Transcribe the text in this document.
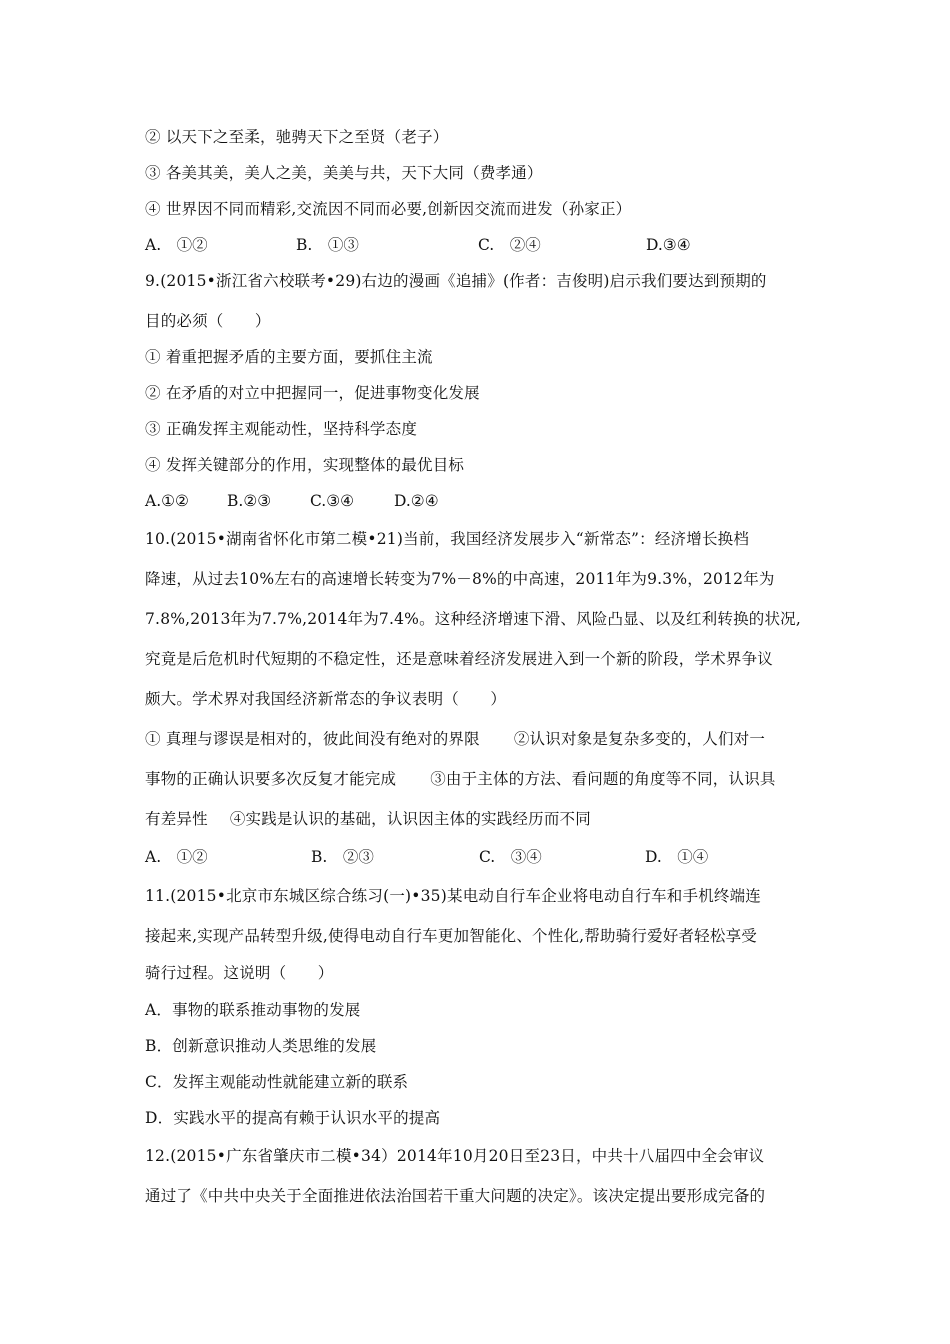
② 以天下之至柔，驰骋天下之至贤（老子）
③ 各美其美，美人之美，美美与共，天下大同（费孝通）
④ 世界因不同而精彩,交流因不同而必要,创新因交流而进发（孙家正）
A.　①②	B.　①③	C.　②④	D.③④
9.(2015•浙江省六校联考•29)右边的漫画《追捕》(作者：吉俊明)启示我们要达到预期的
目的必须（　　）
① 着重把握矛盾的主要方面，要抓住主流
② 在矛盾的对立中把握同一，促进事物变化发展
③ 正确发挥主观能动性，坚持科学态度
④ 发挥关键部分的作用，实现整体的最优目标
A.①② B.②③	C.③④	D.②④
10.(2015•湖南省怀化市第二模•21)当前，我国经济发展步入“新常态”：经济增长换档
降速，从过去10%左右的高速增长转变为7%－8%的中高速，2011年为9.3%，2012年为
7.8%,2013年为7.7%,2014年为7.4%。这种经济增速下滑、风险凸显、以及红利转换的状况,
究竟是后危机时代短期的不稳定性，还是意味着经济发展进入到一个新的阶段，学术界争议
颇大。学术界对我国经济新常态的争议表明（　　）
① 真理与谬误是相对的，彼此间没有绝对的界限 ②认识对象是复杂多变的，人们对一
事物的正确认识要多次反复才能完成 ③由于主体的方法、看问题的角度等不同，认识具
有差异性 ④实践是认识的基础，认识因主体的实践经历而不同
A.　①②	B.　②③	C.　③④	D.　①④
11.(2015•北京市东城区综合练习(一)•35)某电动自行车企业将电动自行车和手机终端连
接起来,实现产品转型升级,使得电动自行车更加智能化、个性化,帮助骑行爱好者轻松享受
骑行过程。这说明（　　）
A．事物的联系推动事物的发展
B．创新意识推动人类思维的发展
C．发挥主观能动性就能建立新的联系
D．实践水平的提高有赖于认识水平的提高
12.(2015•广东省肇庆市二模•34）2014年10月20日至23日，中共十八届四中全会审议
通过了《中共中央关于全面推进依法治国若干重大问题的决定》。该决定提出要形成完备的
